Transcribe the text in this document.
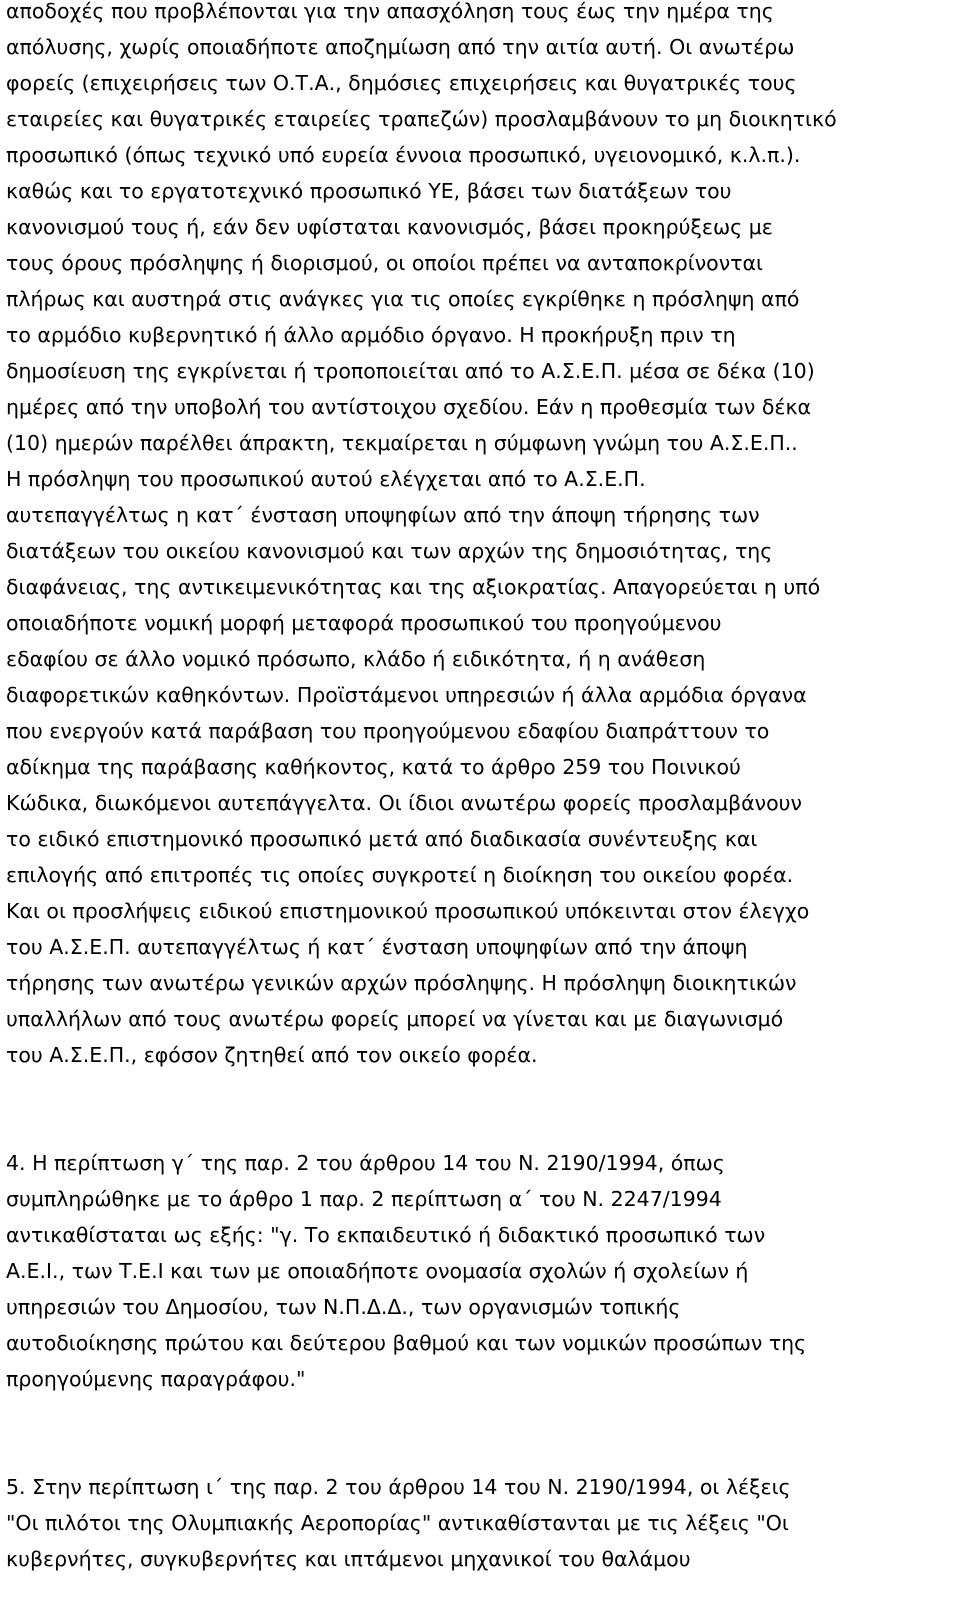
αποδοχές που προβλέπονται για την απασχόληση τους έως την ημέρα της
απόλυσης, χωρίς οποιαδήποτε αποζημίωση από την αιτία αυτή. Οι ανωτέρω
φορείς (επιχειρήσεις των Ο.Τ.Α., δημόσιες επιχειρήσεις και θυγατρικές τους
εταιρείες και θυγατρικές εταιρείες τραπεζών) προσλαμβάνουν το μη διοικητικό
προσωπικό (όπως τεχνικό υπό ευρεία έννοια προσωπικό, υγειονομικό, κ.λ.π.).
καθώς και το εργατοτεχνικό προσωπικό ΥΕ, βάσει των διατάξεων του
κανονισμού τους ή, εάν δεν υφίσταται κανονισμός, βάσει προκηρύξεως με
τους όρους πρόσληψης ή διορισμού, οι οποίοι πρέπει να ανταποκρίνονται
πλήρως και αυστηρά στις ανάγκες για τις οποίες εγκρίθηκε η πρόσληψη από
το αρμόδιο κυβερνητικό ή άλλο αρμόδιο όργανο. Η προκήρυξη πριν τη
δημοσίευση της εγκρίνεται ή τροποποιείται από το Α.Σ.Ε.Π. μέσα σε δέκα (10)
ημέρες από την υποβολή του αντίστοιχου σχεδίου. Εάν η προθεσμία των δέκα
(10) ημερών παρέλθει άπρακτη, τεκμαίρεται η σύμφωνη γνώμη του Α.Σ.Ε.Π..
Η πρόσληψη του προσωπικού αυτού ελέγχεται από το Α.Σ.Ε.Π.
αυτεπαγγέλτως η κατ΄ ένσταση υποψηφίων από την άποψη τήρησης των
διατάξεων του οικείου κανονισμού και των αρχών της δημοσιότητας, της
διαφάνειας, της αντικειμενικότητας και της αξιοκρατίας. Απαγορεύεται η υπό
οποιαδήποτε νομική μορφή μεταφορά προσωπικού του προηγούμενου
εδαφίου σε άλλο νομικό πρόσωπο, κλάδο ή ειδικότητα, ή η ανάθεση
διαφορετικών καθηκόντων. Προϊστάμενοι υπηρεσιών ή άλλα αρμόδια όργανα
που ενεργούν κατά παράβαση του προηγούμενου εδαφίου διαπράττουν το
αδίκημα της παράβασης καθήκοντος, κατά το άρθρο 259 του Ποινικού
Κώδικα, διωκόμενοι αυτεπάγγελτα. Οι ίδιοι ανωτέρω φορείς προσλαμβάνουν
το ειδικό επιστημονικό προσωπικό μετά από διαδικασία συνέντευξης και
επιλογής από επιτροπές τις οποίες συγκροτεί η διοίκηση του οικείου φορέα.
Και οι προσλήψεις ειδικού επιστημονικού προσωπικού υπόκεινται στον έλεγχο
του Α.Σ.Ε.Π. αυτεπαγγέλτως ή κατ΄ ένσταση υποψηφίων από την άποψη
τήρησης των ανωτέρω γενικών αρχών πρόσληψης. Η πρόσληψη διοικητικών
υπαλλήλων από τους ανωτέρω φορείς μπορεί να γίνεται και με διαγωνισμό
του Α.Σ.Ε.Π., εφόσον ζητηθεί από τον οικείο φορέα.
4. Η περίπτωση γ΄ της παρ. 2 του άρθρου 14 του Ν. 2190/1994, όπως
συμπληρώθηκε με το άρθρο 1 παρ. 2 περίπτωση α΄ του Ν. 2247/1994
αντικαθίσταται ως εξής: "γ. Το εκπαιδευτικό ή διδακτικό προσωπικό των
Α.Ε.Ι., των Τ.Ε.Ι και των με οποιαδήποτε ονομασία σχολών ή σχολείων ή
υπηρεσιών του Δημοσίου, των Ν.Π.Δ.Δ., των οργανισμών τοπικής
αυτοδιοίκησης πρώτου και δεύτερου βαθμού και των νομικών προσώπων της
προηγούμενης παραγράφου."
5. Στην περίπτωση ι΄ της παρ. 2 του άρθρου 14 του Ν. 2190/1994, οι λέξεις
"Οι πιλότοι της Ολυμπιακής Αεροπορίας" αντικαθίστανται με τις λέξεις "Οι
κυβερνήτες, συγκυβερνήτες και ιπτάμενοι μηχανικοί του θαλάμου
